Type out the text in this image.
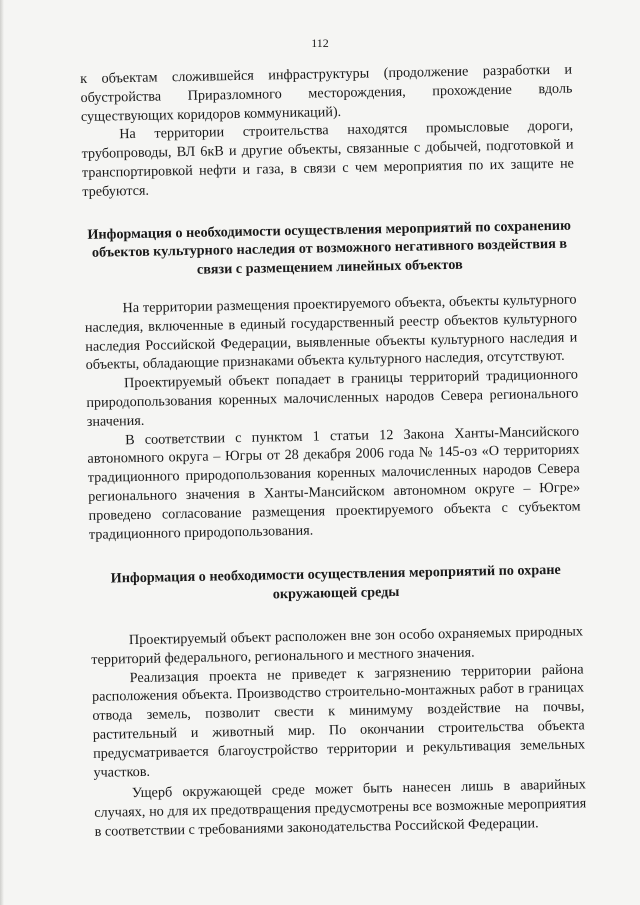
112

к объектам сложившейся инфраструктуры (продолжение разработки и обустройства Приразломного месторождения, прохождение вдоль существующих коридоров коммуникаций).

На территории строительства находятся промысловые дороги, трубопроводы, ВЛ 6кВ и другие объекты, связанные с добычей, подготовкой и транспортировкой нефти и газа, в связи с чем мероприятия по их защите не требуются.

Информация о необходимости осуществления мероприятий по сохранению объектов культурного наследия от возможного негативного воздействия в связи с размещением линейных объектов

На территории размещения проектируемого объекта, объекты культурного наследия, включенные в единый государственный реестр объектов культурного наследия Российской Федерации, выявленные объекты культурного наследия и объекты, обладающие признаками объекта культурного наследия, отсутствуют.

Проектируемый объект попадает в границы территорий традиционного природопользования коренных малочисленных народов Севера регионального значения.

В соответствии с пунктом 1 статьи 12 Закона Ханты-Мансийского автономного округа – Югры от 28 декабря 2006 года № 145-оз «О территориях традиционного природопользования коренных малочисленных народов Севера регионального значения в Ханты-Мансийском автономном округе – Югре» проведено согласование размещения проектируемого объекта с субъектом традиционного природопользования.

Информация о необходимости осуществления мероприятий по охране окружающей среды

Проектируемый объект расположен вне зон особо охраняемых природных территорий федерального, регионального и местного значения.

Реализация проекта не приведет к загрязнению территории района расположения объекта. Производство строительно-монтажных работ в границах отвода земель, позволит свести к минимуму воздействие на почвы, растительный и животный мир. По окончании строительства объекта предусматривается благоустройство территории и рекультивация земельных участков.

Ущерб окружающей среде может быть нанесен лишь в аварийных случаях, но для их предотвращения предусмотрены все возможные мероприятия в соответствии с требованиями законодательства Российской Федерации.
